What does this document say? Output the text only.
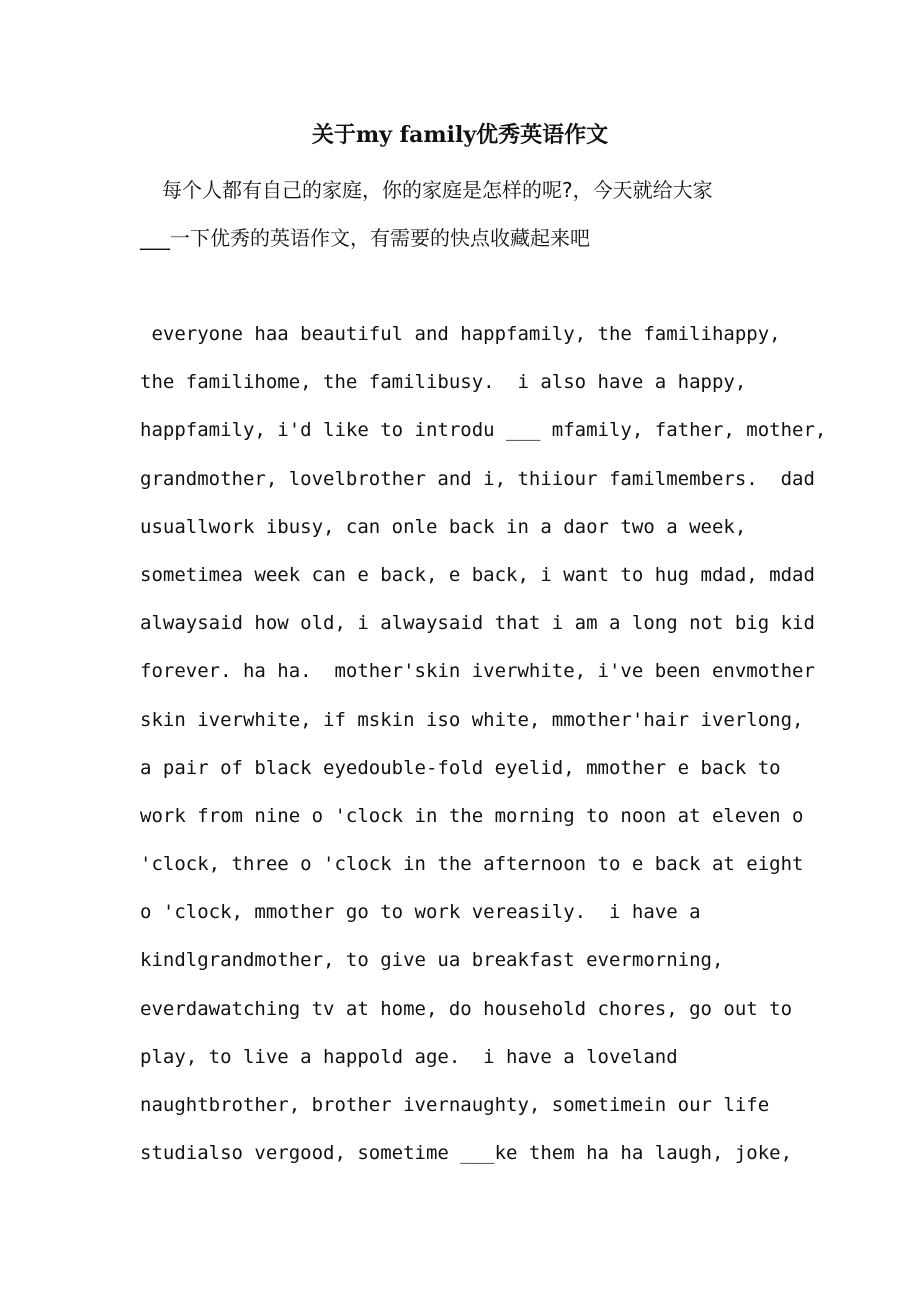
关于my family优秀英语作文
每个人都有自己的家庭，你的家庭是怎样的呢?，今天就给大家
___一下优秀的英语作文，有需要的快点收藏起来吧
everyone haa beautiful and happfamily, the familihappy,
the familihome, the familibusy.  i also have a happy,
happfamily, i'd like to introdu ___ mfamily, father, mother,
grandmother, lovelbrother and i, thiiour familmembers.  dad
usuallwork ibusy, can onle back in a daor two a week,
sometimea week can e back, e back, i want to hug mdad, mdad
alwaysaid how old, i alwaysaid that i am a long not big kid
forever. ha ha.  mother'skin iverwhite, i've been envmother
skin iverwhite, if mskin iso white, mmother'hair iverlong,
a pair of black eyedouble-fold eyelid, mmother e back to
work from nine o 'clock in the morning to noon at eleven o
'clock, three o 'clock in the afternoon to e back at eight
o 'clock, mmother go to work vereasily.  i have a
kindlgrandmother, to give ua breakfast evermorning,
everdawatching tv at home, do household chores, go out to
play, to live a happold age.  i have a loveland
naughtbrother, brother ivernaughty, sometimein our life
studialso vergood, sometime ___ke them ha ha laugh, joke,
